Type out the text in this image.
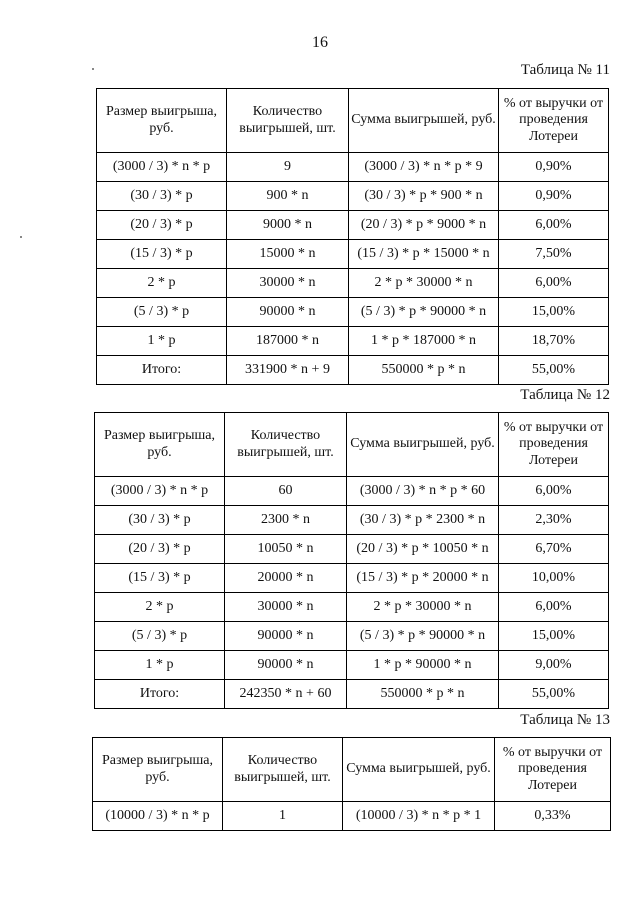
16
Таблица № 11
Размер выигрыша, руб.	Количество выигрышей, шт.	Сумма выигрышей, руб.	% от выручки от проведения Лотереи
(3000 / 3) * n * p	9	(3000 / 3) * n * p * 9	0,90%
(30 / 3) * p	900 * n	(30 / 3) * p * 900 * n	0,90%
(20 / 3) * p	9000 * n	(20 / 3) * p * 9000 * n	6,00%
(15 / 3) * p	15000 * n	(15 / 3) * p * 15000 * n	7,50%
2 * p	30000 * n	2 * p * 30000 * n	6,00%
(5 / 3) * p	90000 * n	(5 / 3) * p * 90000 * n	15,00%
1 * p	187000 * n	1 * p * 187000 * n	18,70%
Итого:	331900 * n + 9	550000 * p * n	55,00%
Таблица № 12
Размер выигрыша, руб.	Количество выигрышей, шт.	Сумма выигрышей, руб.	% от выручки от проведения Лотереи
(3000 / 3) * n * p	60	(3000 / 3) * n * p * 60	6,00%
(30 / 3) * p	2300 * n	(30 / 3) * p * 2300 * n	2,30%
(20 / 3) * p	10050 * n	(20 / 3) * p * 10050 * n	6,70%
(15 / 3) * p	20000 * n	(15 / 3) * p * 20000 * n	10,00%
2 * p	30000 * n	2 * p * 30000 * n	6,00%
(5 / 3) * p	90000 * n	(5 / 3) * p * 90000 * n	15,00%
1 * p	90000 * n	1 * p * 90000 * n	9,00%
Итого:	242350 * n + 60	550000 * p * n	55,00%
Таблица № 13
Размер выигрыша, руб.	Количество выигрышей, шт.	Сумма выигрышей, руб.	% от выручки от проведения Лотереи
(10000 / 3) * n * p	1	(10000 / 3) * n * p * 1	0,33%
